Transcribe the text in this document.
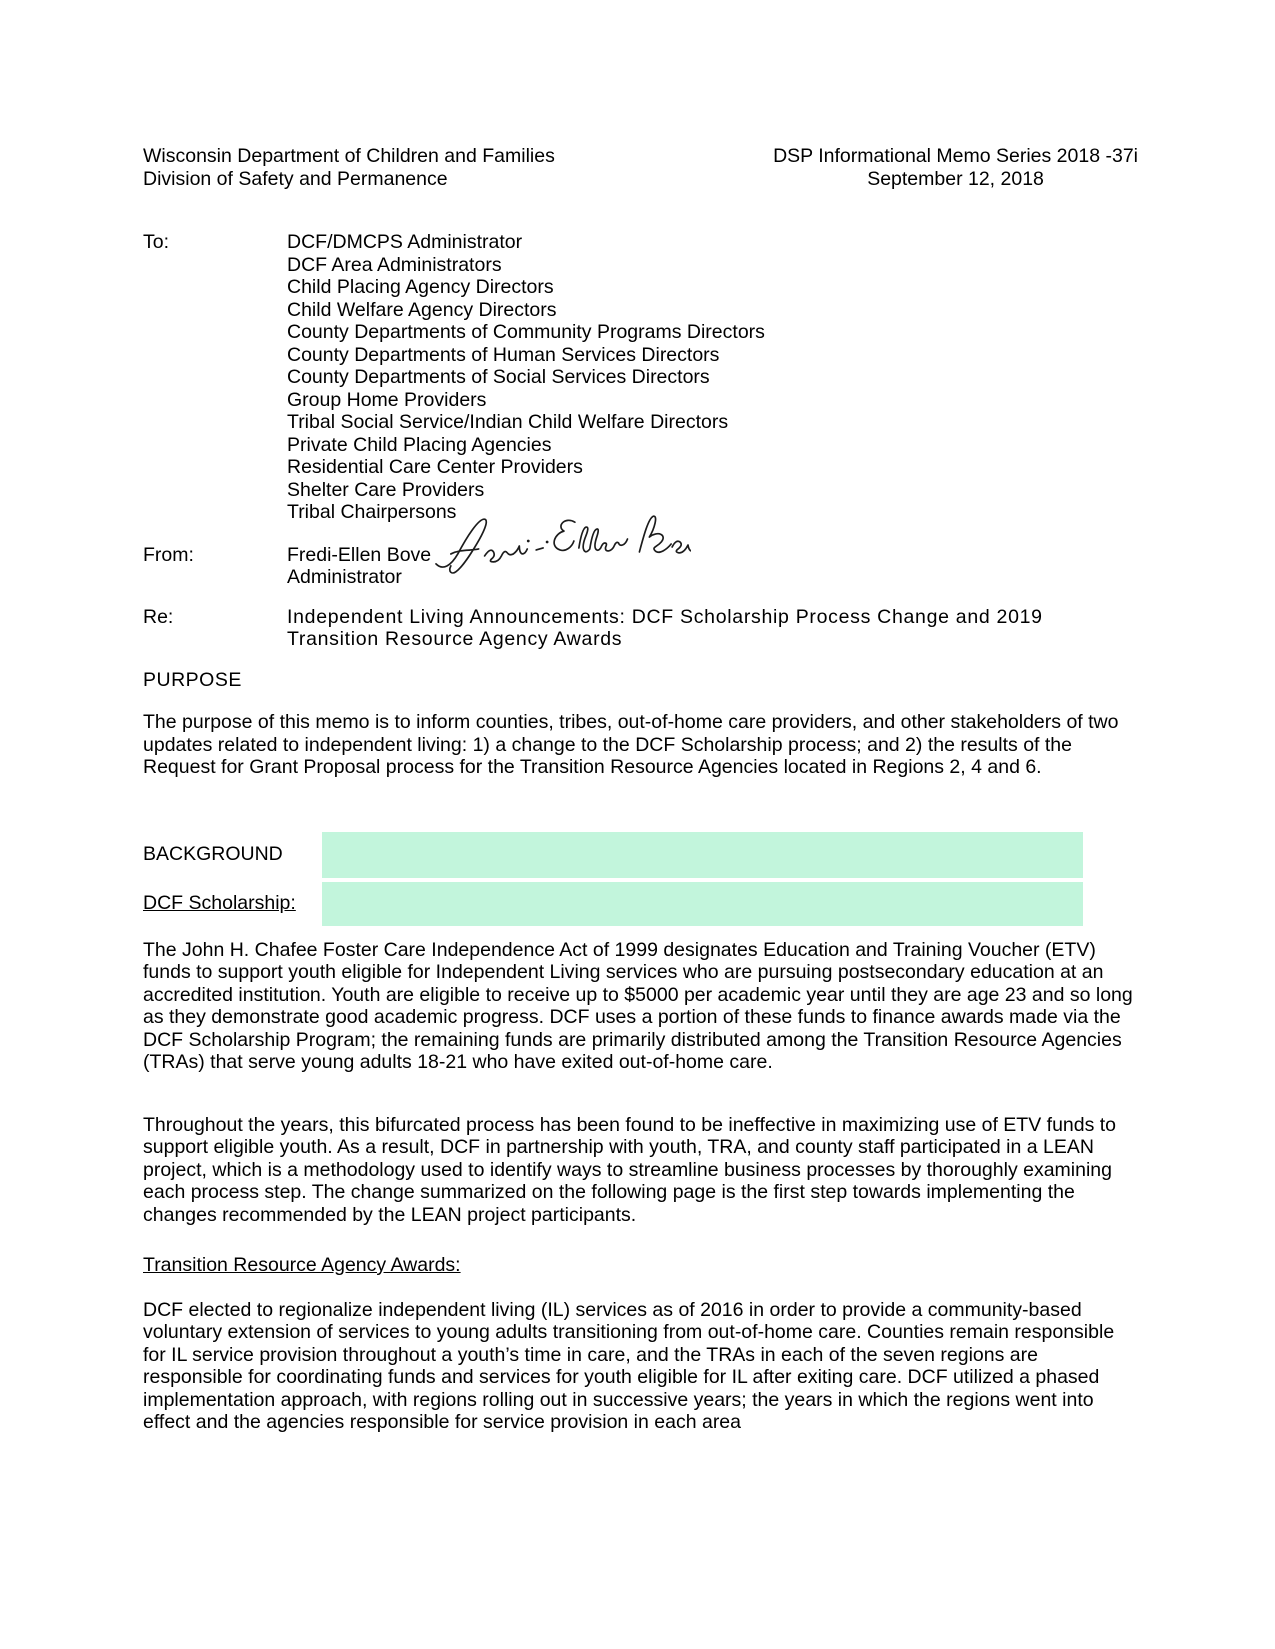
Wisconsin Department of Children and Families
Division of Safety and Permanence
DSP Informational Memo Series 2018 -37i
September 12, 2018
To:	DCF/DMCPS Administrator
DCF Area Administrators
Child Placing Agency Directors
Child Welfare Agency Directors
County Departments of Community Programs Directors
County Departments of Human Services Directors
County Departments of Social Services Directors
Group Home Providers
Tribal Social Service/Indian Child Welfare Directors
Private Child Placing Agencies
Residential Care Center Providers
Shelter Care Providers
Tribal Chairpersons
From:	Fredi-Ellen Bove
Administrator
Re:	Independent Living Announcements: DCF Scholarship Process Change and 2019
Transition Resource Agency Awards
PURPOSE

The purpose of this memo is to inform counties, tribes, out-of-home care providers, and other stakeholders of two updates related to independent living: 1) a change to the DCF Scholarship process; and 2) the results of the Request for Grant Proposal process for the Transition Resource Agencies located in Regions 2, 4 and 6.

BACKGROUND
DCF Scholarship:

The John H. Chafee Foster Care Independence Act of 1999 designates Education and Training Voucher (ETV) funds to support youth eligible for Independent Living services who are pursuing postsecondary education at an accredited institution. Youth are eligible to receive up to $5000 per academic year until they are age 23 and so long as they demonstrate good academic progress. DCF uses a portion of these funds to finance awards made via the DCF Scholarship Program; the remaining funds are primarily distributed among the Transition Resource Agencies (TRAs) that serve young adults 18-21 who have exited out-of-home care.

Throughout the years, this bifurcated process has been found to be ineffective in maximizing use of ETV funds to support eligible youth. As a result, DCF in partnership with youth, TRA, and county staff participated in a LEAN project, which is a methodology used to identify ways to streamline business processes by thoroughly examining each process step. The change summarized on the following page is the first step towards implementing the changes recommended by the LEAN project participants.

Transition Resource Agency Awards:

DCF elected to regionalize independent living (IL) services as of 2016 in order to provide a community-based voluntary extension of services to young adults transitioning from out-of-home care. Counties remain responsible for IL service provision throughout a youth’s time in care, and the TRAs in each of the seven regions are responsible for coordinating funds and services for youth eligible for IL after exiting care. DCF utilized a phased implementation approach, with regions rolling out in successive years; the years in which the regions went into effect and the agencies responsible for service provision in each area
